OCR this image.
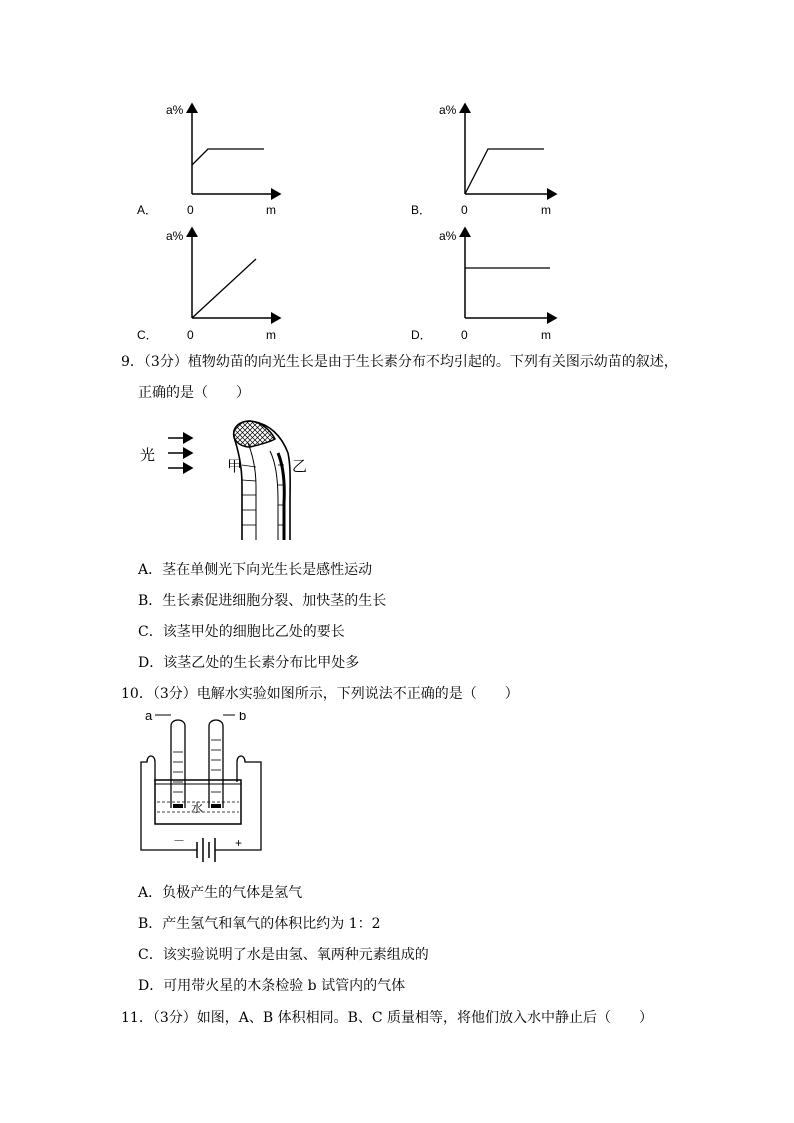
a%
0	m
A．
a%
0	m
B．
a%
0	m
C．
a%
0	m
D．
9．（3分）植物幼苗的向光生长是由于生长素分布不均引起的。下列有关图示幼苗的叙述，
正确的是（　　）
光
甲	乙
A．茎在单侧光下向光生长是感性运动
B．生长素促进细胞分裂、加快茎的生长
C．该茎甲处的细胞比乙处的要长
D．该茎乙处的生长素分布比甲处多
10．（3分）电解水实验如图所示，下列说法不正确的是（　　）
－	+
水
a	b
A．负极产生的气体是氢气
B．产生氢气和氧气的体积比约为 1：2
C．该实验说明了水是由氢、氧两种元素组成的
D．可用带火星的木条检验 b 试管内的气体
11．（3分）如图，A、B 体积相同。B、C 质量相等，将他们放入水中静止后（　　）
